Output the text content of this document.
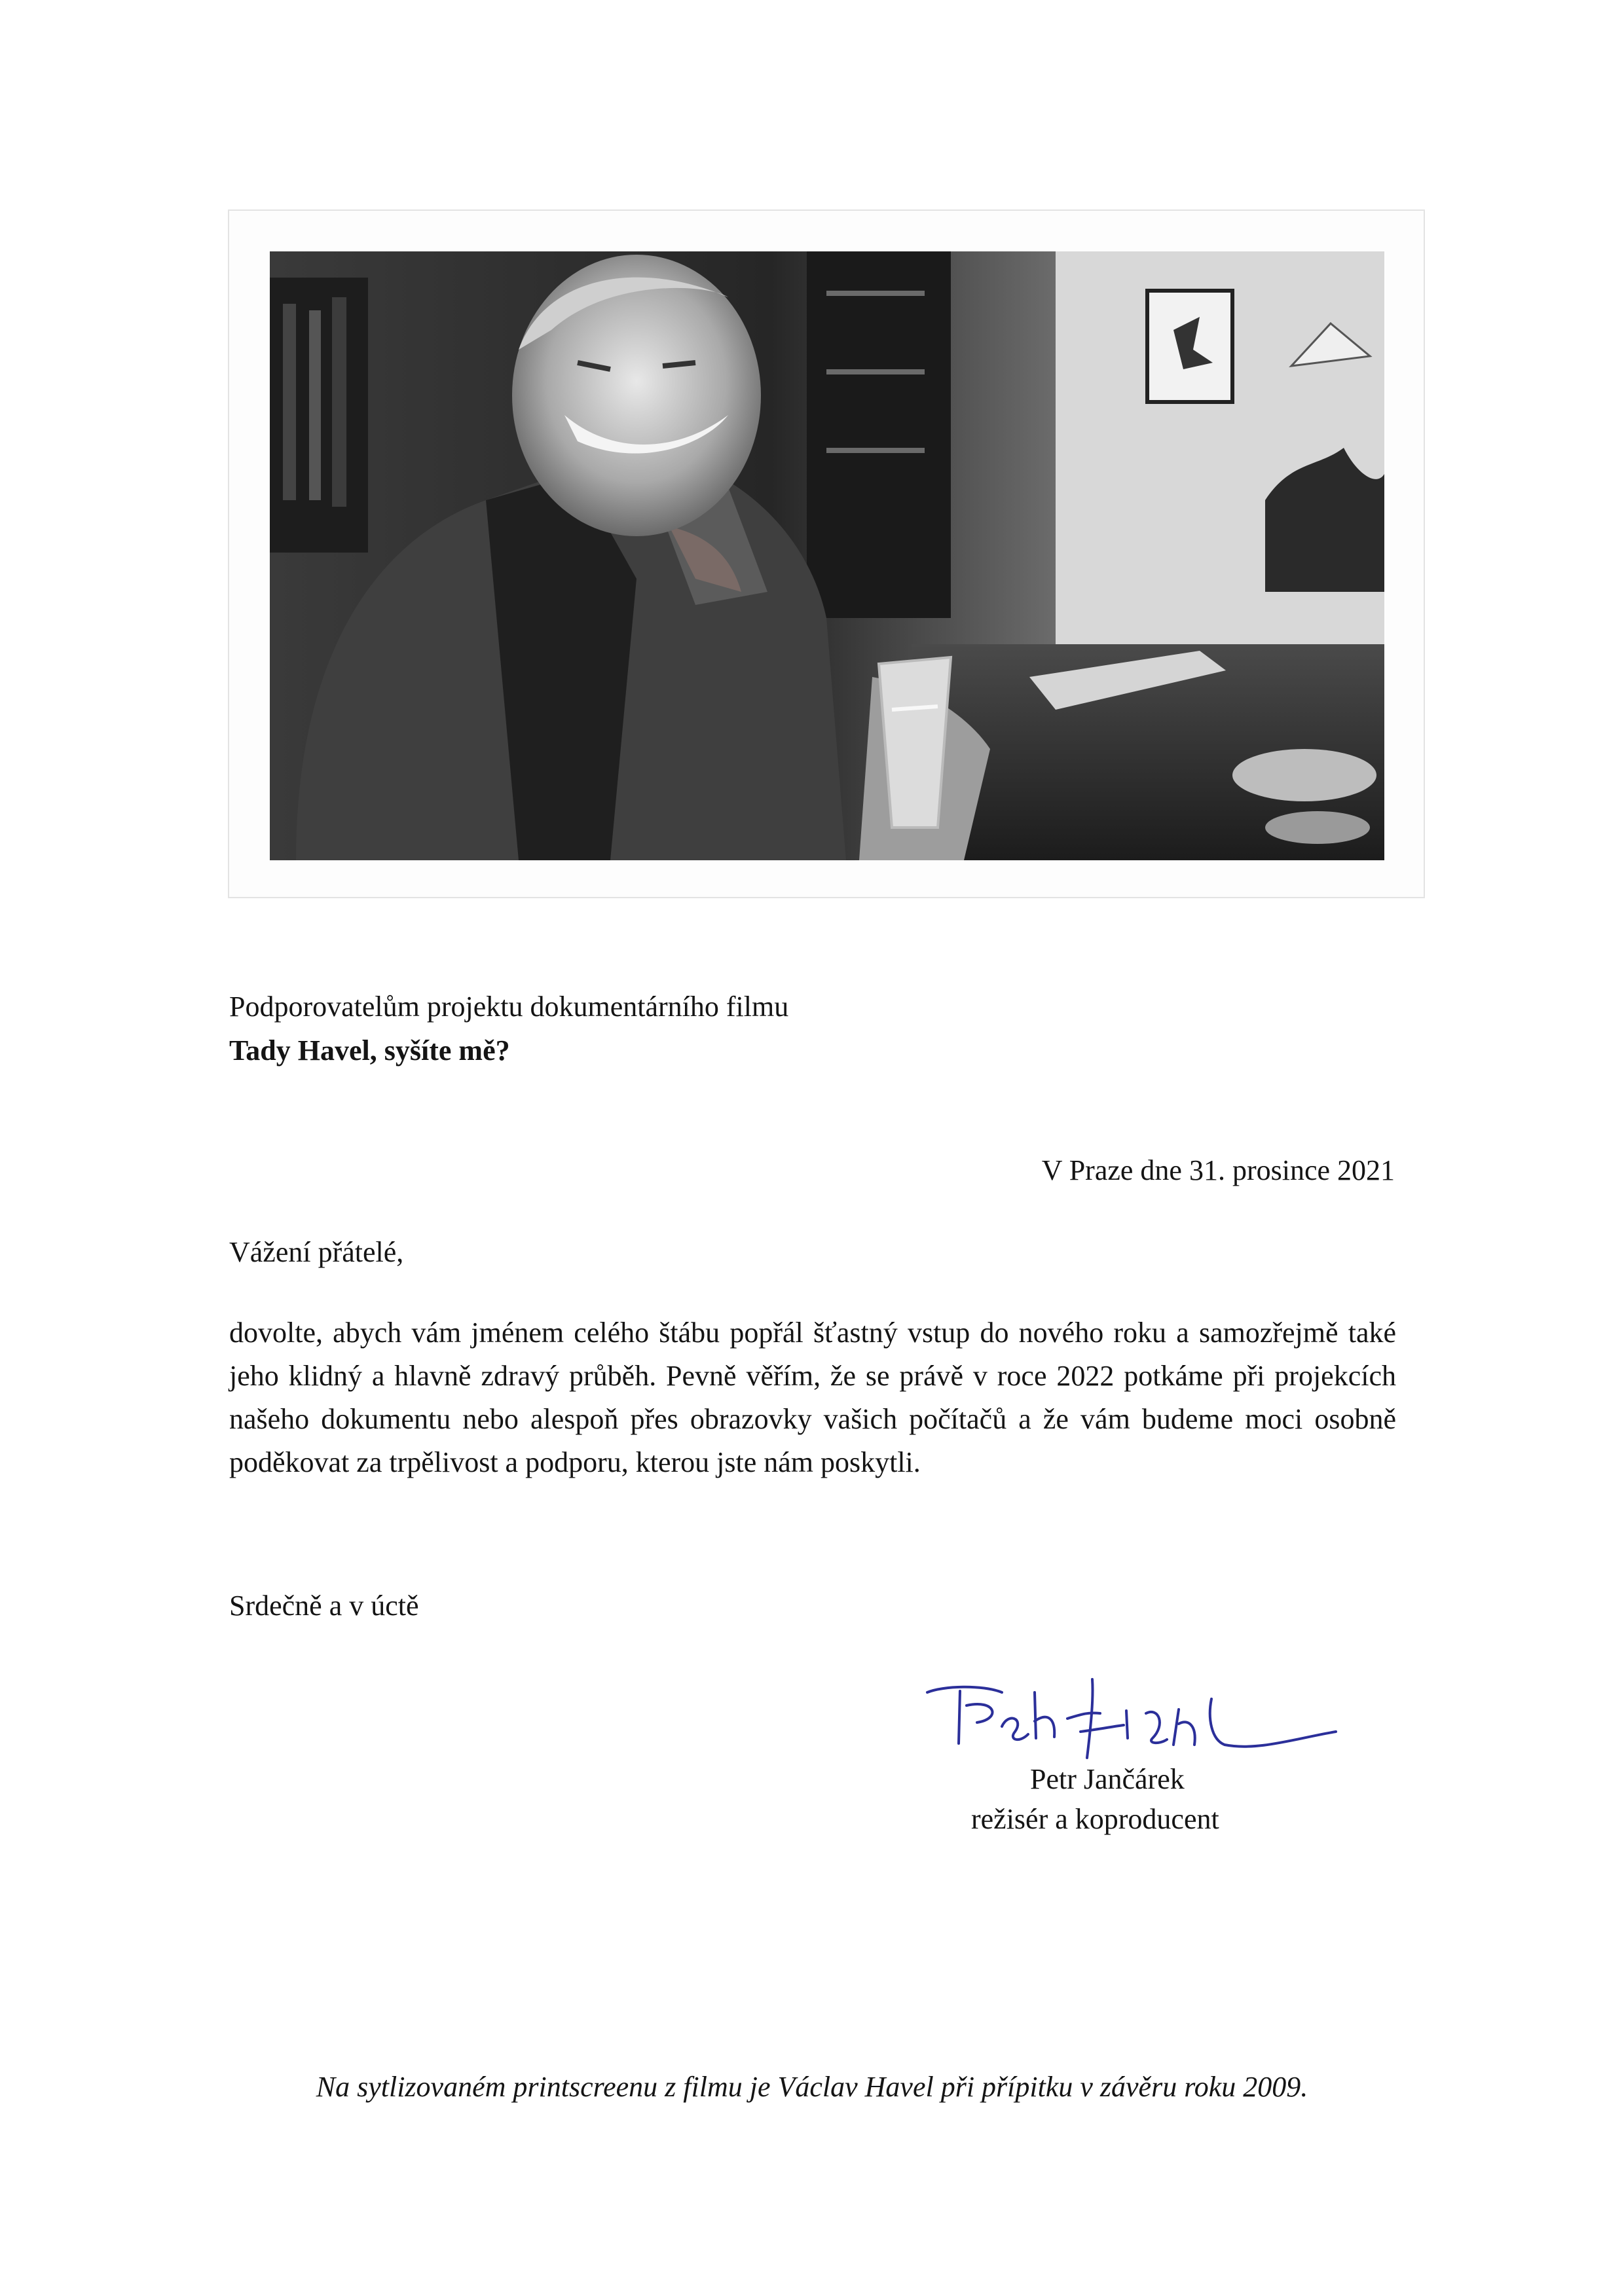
Podporovatelům projektu dokumentárního filmu

Tady Havel, syšíte mě?

V Praze dne 31. prosince 2021

Vážení přátelé,

dovolte, abych vám jménem celého štábu popřál šťastný vstup do nového roku a samozřejmě také jeho klidný a hlavně zdravý průběh. Pevně věřím, že se právě v roce 2022 potkáme při projekcích našeho dokumentu nebo alespoň přes obrazovky vašich počítačů a že vám budeme moci osobně poděkovat za trpělivost a podporu, kterou jste nám poskytli.

Srdečně a v úctě

Petr Jančárek

režisér a koproducent

Na sytlizovaném printscreenu z filmu je Václav Havel při přípitku v závěru roku 2009.
